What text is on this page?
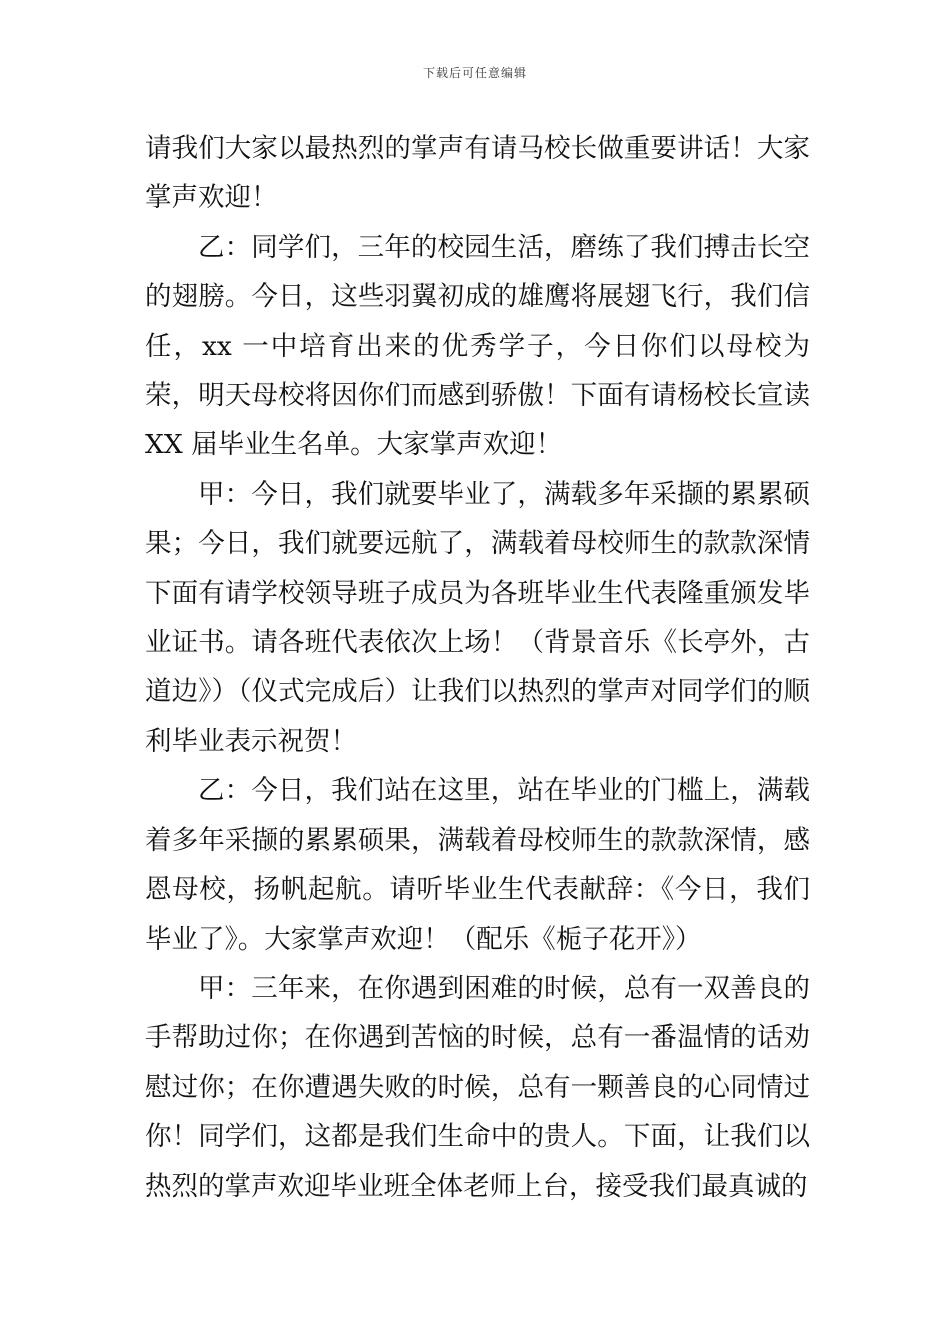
下载后可任意编辑

请我们大家以最热烈的掌声有请马校长做重要讲话！大家掌声欢迎！

乙：同学们，三年的校园生活，磨练了我们搏击长空的翅膀。今日，这些羽翼初成的雄鹰将展翅飞行，我们信任，xx 一中培育出来的优秀学子，今日你们以母校为荣，明天母校将因你们而感到骄傲！下面有请杨校长宣读 XX 届毕业生名单。大家掌声欢迎！

甲：今日，我们就要毕业了，满载多年采撷的累累硕果；今日，我们就要远航了，满载着母校师生的款款深情下面有请学校领导班子成员为各班毕业生代表隆重颁发毕业证书。请各班代表依次上场！（背景音乐《长亭外，古道边》）（仪式完成后）让我们以热烈的掌声对同学们的顺利毕业表示祝贺！

乙：今日，我们站在这里，站在毕业的门槛上，满载着多年采撷的累累硕果，满载着母校师生的款款深情，感恩母校，扬帆起航。请听毕业生代表献辞：《今日，我们毕业了》。大家掌声欢迎！（配乐《栀子花开》）

甲：三年来，在你遇到困难的时候，总有一双善良的手帮助过你；在你遇到苦恼的时候，总有一番温情的话劝慰过你；在你遭遇失败的时候，总有一颗善良的心同情过你！同学们，这都是我们生命中的贵人。下面，让我们以热烈的掌声欢迎毕业班全体老师上台，接受我们最真诚的
